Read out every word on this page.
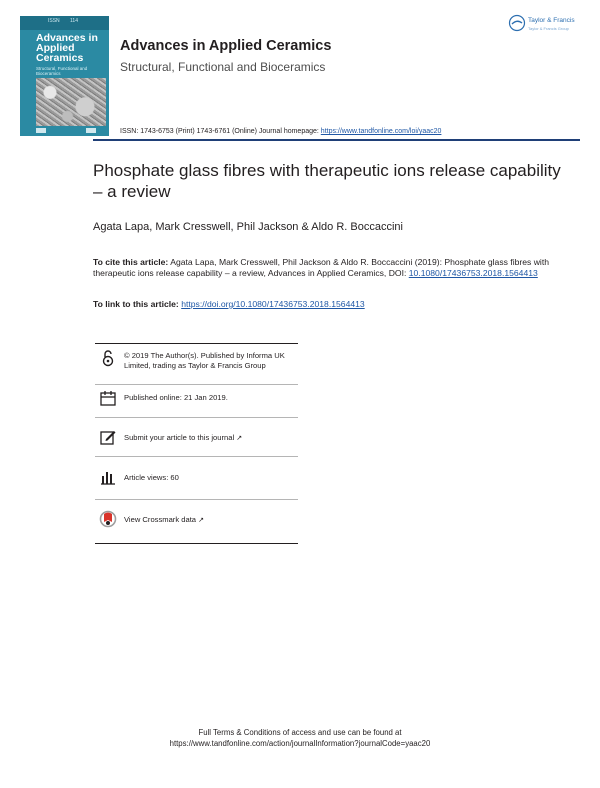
ISSN 114
Advances in
Applied
Ceramics
Structural, Functional and Bioceramics
Advances in Applied Ceramics
Structural, Functional and Bioceramics
ISSN: 1743-6753 (Print) 1743-6761 (Online) Journal homepage: https://www.tandfonline.com/loi/yaac20
Taylor & Francis
Taylor & Francis Group
Phosphate glass fibres with therapeutic ions release capability – a review
Agata Lapa, Mark Cresswell, Phil Jackson & Aldo R. Boccaccini
To cite this article: Agata Lapa, Mark Cresswell, Phil Jackson & Aldo R. Boccaccini (2019): Phosphate glass fibres with therapeutic ions release capability – a review, Advances in Applied Ceramics, DOI: 10.1080/17436753.2018.1564413
To link to this article: https://doi.org/10.1080/17436753.2018.1564413
© 2019 The Author(s). Published by Informa UK Limited, trading as Taylor & Francis Group
Published online: 21 Jan 2019.
Submit your article to this journal ↗
Article views: 60
View Crossmark data ↗
Full Terms & Conditions of access and use can be found at
https://www.tandfonline.com/action/journalInformation?journalCode=yaac20
